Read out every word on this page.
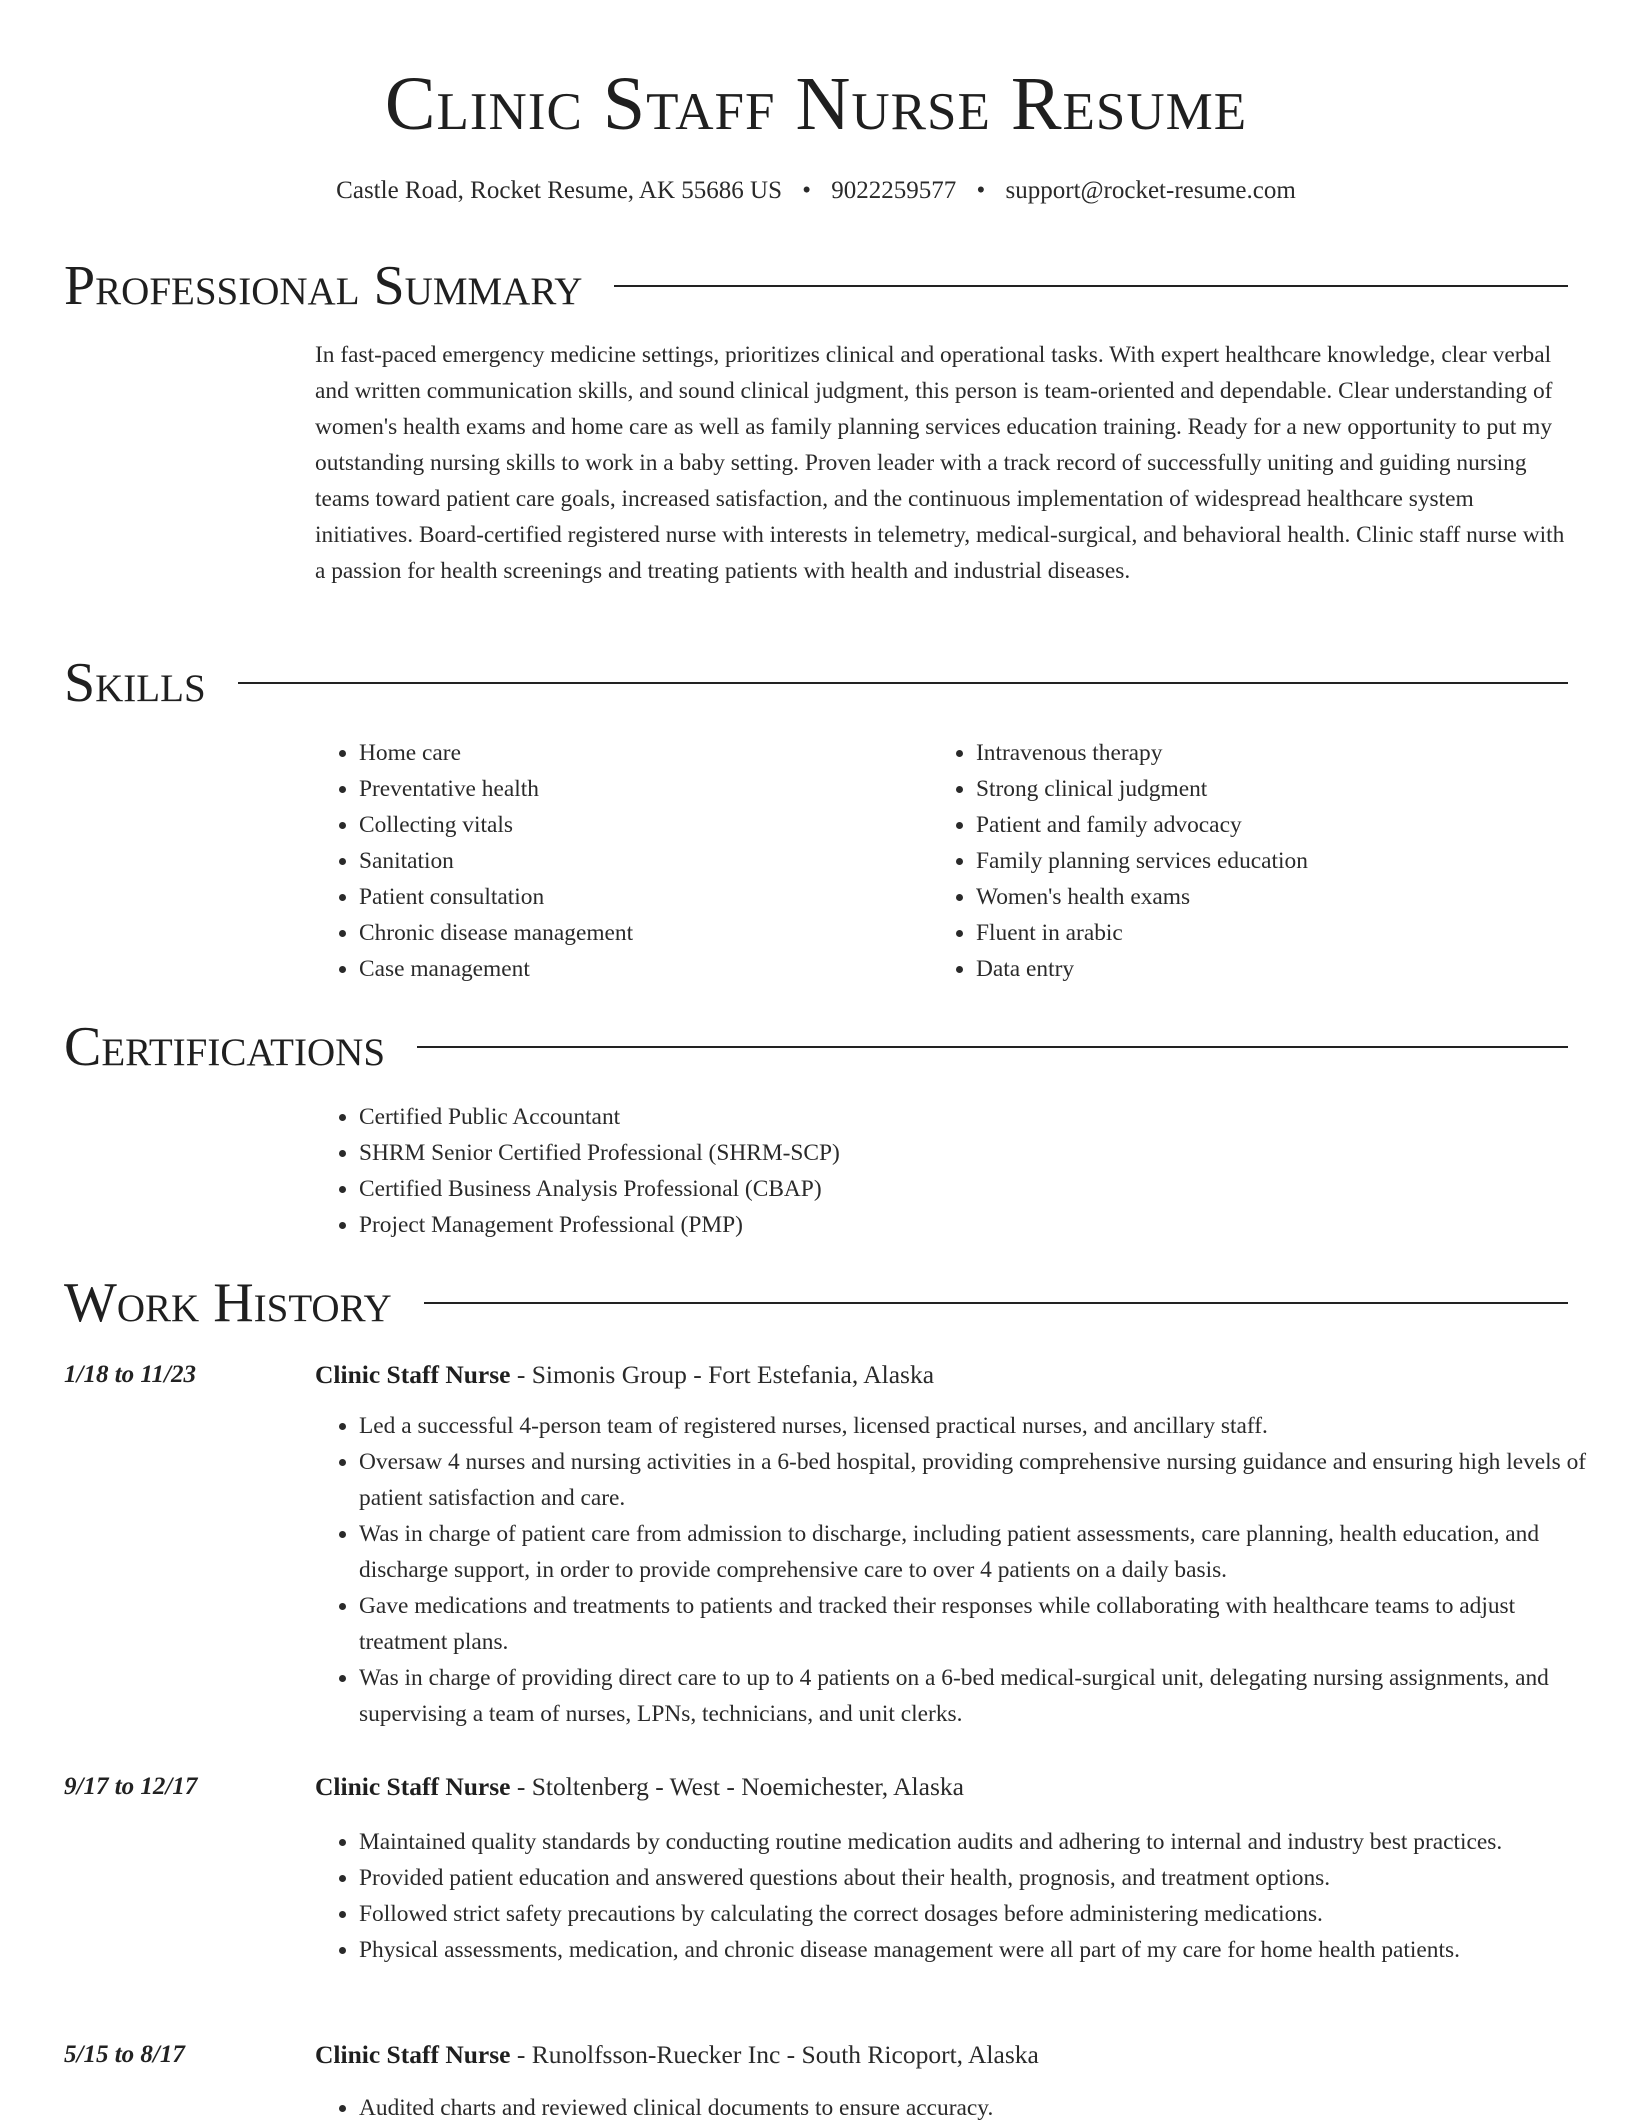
Clinic Staff Nurse Resume
Castle Road, Rocket Resume, AK 55686 US • 9022259577 • support@rocket-resume.com
Professional Summary

In fast-paced emergency medicine settings, prioritizes clinical and operational tasks. With expert healthcare knowledge, clear verbal and written communication skills, and sound clinical judgment, this person is team-oriented and dependable. Clear understanding of women's health exams and home care as well as family planning services education training. Ready for a new opportunity to put my outstanding nursing skills to work in a baby setting. Proven leader with a track record of successfully uniting and guiding nursing teams toward patient care goals, increased satisfaction, and the continuous implementation of widespread healthcare system initiatives. Board-certified registered nurse with interests in telemetry, medical-surgical, and behavioral health. Clinic staff nurse with a passion for health screenings and treating patients with health and industrial diseases.

Skills
• Home care
• Preventative health
• Collecting vitals
• Sanitation
• Patient consultation
• Chronic disease management
• Case management
• Intravenous therapy
• Strong clinical judgment
• Patient and family advocacy
• Family planning services education
• Women's health exams
• Fluent in arabic
• Data entry
Certifications
• Certified Public Accountant
• SHRM Senior Certified Professional (SHRM-SCP)
• Certified Business Analysis Professional (CBAP)
• Project Management Professional (PMP)
Work History
1/18 to 11/23	Clinic Staff Nurse - Simonis Group - Fort Estefania, Alaska
• Led a successful 4-person team of registered nurses, licensed practical nurses, and ancillary staff.
• Oversaw 4 nurses and nursing activities in a 6-bed hospital, providing comprehensive nursing guidance and ensuring high levels of patient satisfaction and care.
• Was in charge of patient care from admission to discharge, including patient assessments, care planning, health education, and discharge support, in order to provide comprehensive care to over 4 patients on a daily basis.
• Gave medications and treatments to patients and tracked their responses while collaborating with healthcare teams to adjust treatment plans.
• Was in charge of providing direct care to up to 4 patients on a 6-bed medical-surgical unit, delegating nursing assignments, and supervising a team of nurses, LPNs, technicians, and unit clerks.
9/17 to 12/17	Clinic Staff Nurse - Stoltenberg - West - Noemichester, Alaska
• Maintained quality standards by conducting routine medication audits and adhering to internal and industry best practices.
• Provided patient education and answered questions about their health, prognosis, and treatment options.
• Followed strict safety precautions by calculating the correct dosages before administering medications.
• Physical assessments, medication, and chronic disease management were all part of my care for home health patients.
5/15 to 8/17	Clinic Staff Nurse - Runolfsson-Ruecker Inc - South Ricoport, Alaska
• Audited charts and reviewed clinical documents to ensure accuracy.
